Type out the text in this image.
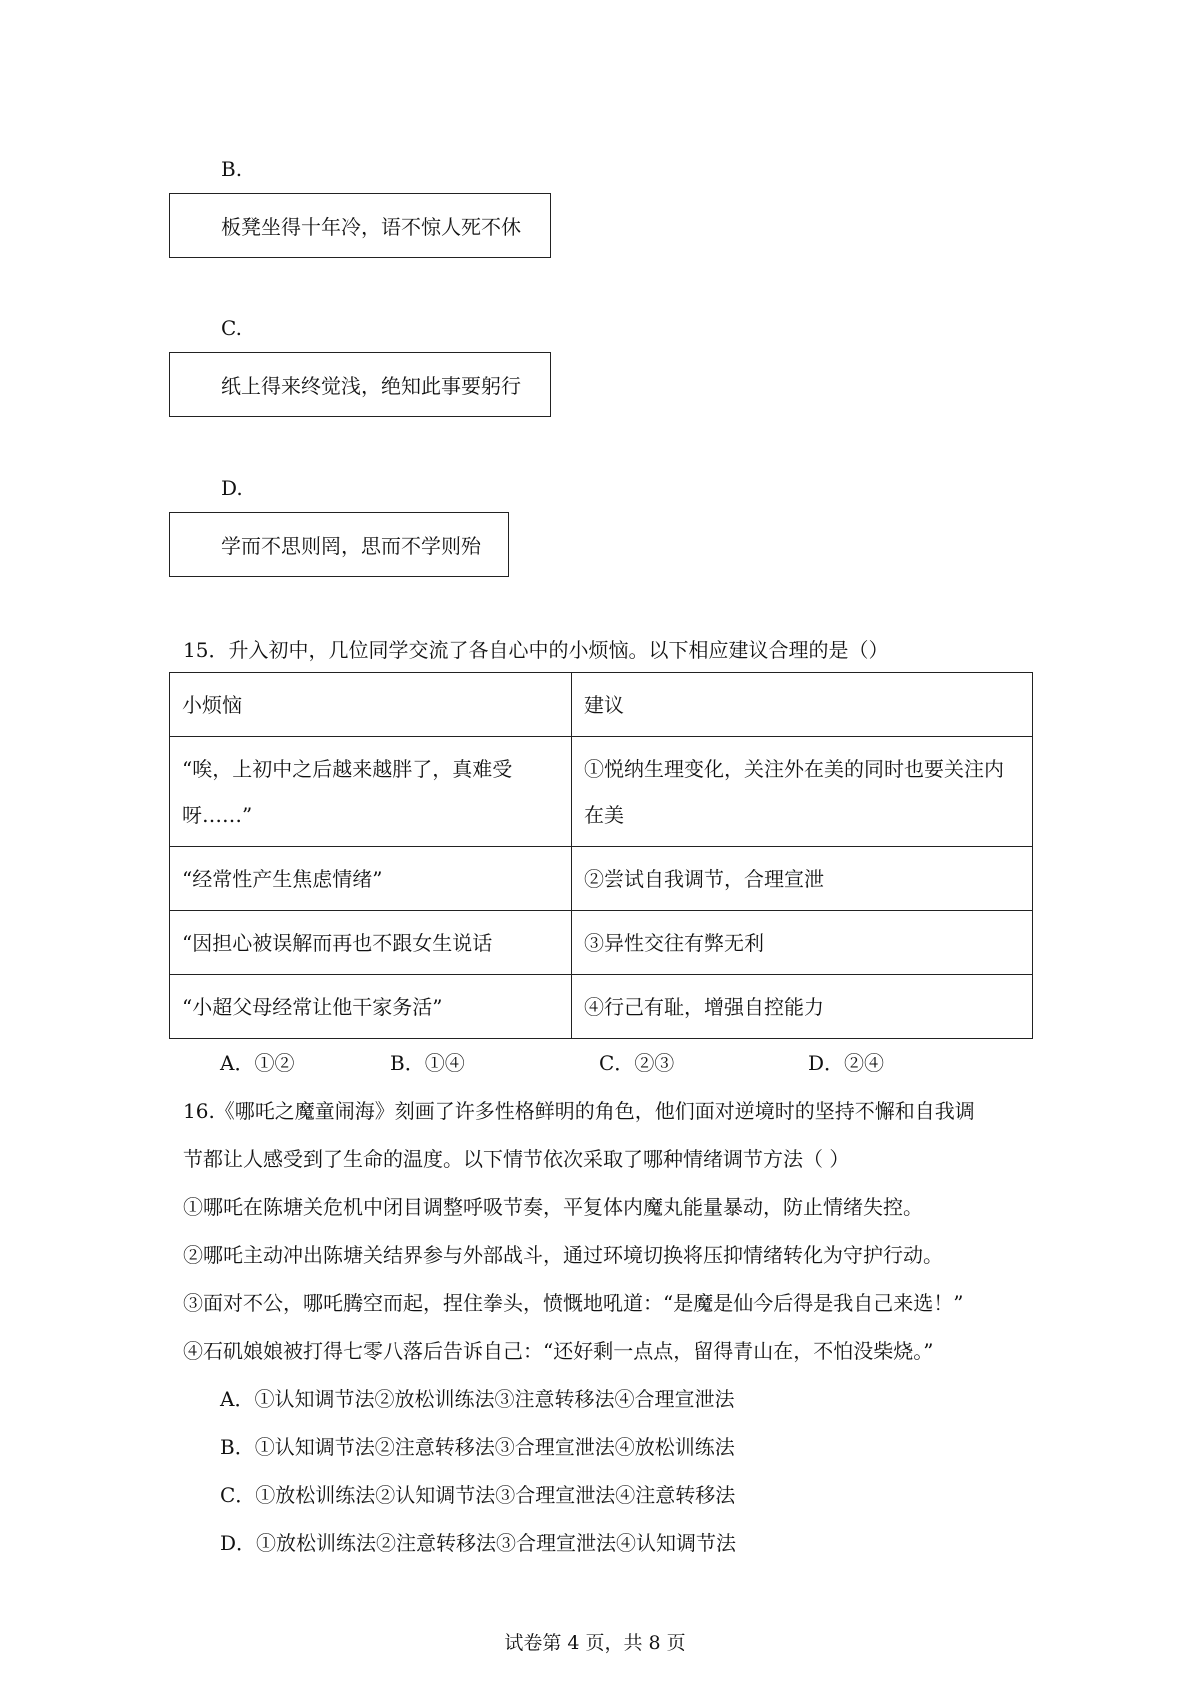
B.
板凳坐得十年冷，语不惊人死不休
C.
纸上得来终觉浅，绝知此事要躬行
D.
学而不思则罔，思而不学则殆
15．升入初中，几位同学交流了各自心中的小烦恼。以下相应建议合理的是（）
小烦恼	建议
“唉，上初中之后越来越胖了，真难受呀……”	①悦纳生理变化，关注外在美的同时也要关注内在美
“经常性产生焦虑情绪”	②尝试自我调节，合理宣泄
“因担心被误解而再也不跟女生说话	③异性交往有弊无利
“小超父母经常让他干家务活”	④行己有耻，增强自控能力
A．①②	B．①④	C．②③	D．②④
16.《哪吒之魔童闹海》刻画了许多性格鲜明的角色，他们面对逆境时的坚持不懈和自我调
节都让人感受到了生命的温度。以下情节依次采取了哪种情绪调节方法（ ）
①哪吒在陈塘关危机中闭目调整呼吸节奏，平复体内魔丸能量暴动，防止情绪失控。
②哪吒主动冲出陈塘关结界参与外部战斗，通过环境切换将压抑情绪转化为守护行动。
③面对不公，哪吒腾空而起，捏住拳头，愤慨地吼道：“是魔是仙今后得是我自己来选！”
④石矶娘娘被打得七零八落后告诉自己：“还好剩一点点，留得青山在，不怕没柴烧。”
A．①认知调节法②放松训练法③注意转移法④合理宣泄法
B．①认知调节法②注意转移法③合理宣泄法④放松训练法
C．①放松训练法②认知调节法③合理宣泄法④注意转移法
D．①放松训练法②注意转移法③合理宣泄法④认知调节法
试卷第 4 页，共 8 页
